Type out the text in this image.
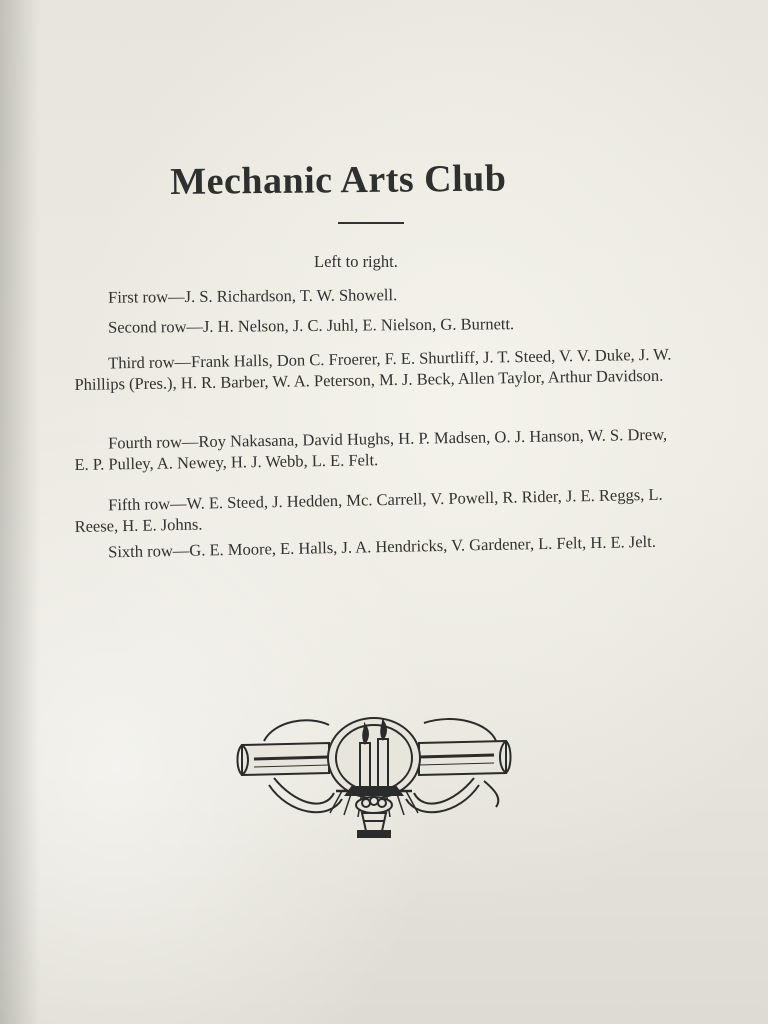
Mechanic Arts Club
Left to right.
First row—J. S. Richardson, T. W. Showell.
Second row—J. H. Nelson, J. C. Juhl, E. Nielson, G. Burnett.
Third row—Frank Halls, Don C. Froerer, F. E. Shurtliff, J. T. Steed, V. V. Duke, J. W. Phillips (Pres.), H. R. Barber, W. A. Peterson, M. J. Beck, Allen Taylor, Arthur Davidson.
Fourth row—Roy Nakasana, David Hughs, H. P. Madsen, O. J. Hanson, W. S. Drew, E. P. Pulley, A. Newey, H. J. Webb, L. E. Felt.
Fifth row—W. E. Steed, J. Hedden, Mc. Carrell, V. Powell, R. Rider, J. E. Reggs, L. Reese, H. E. Johns.
Sixth row—G. E. Moore, E. Halls, J. A. Hendricks, V. Gardener, L. Felt, H. E. Jelt.
